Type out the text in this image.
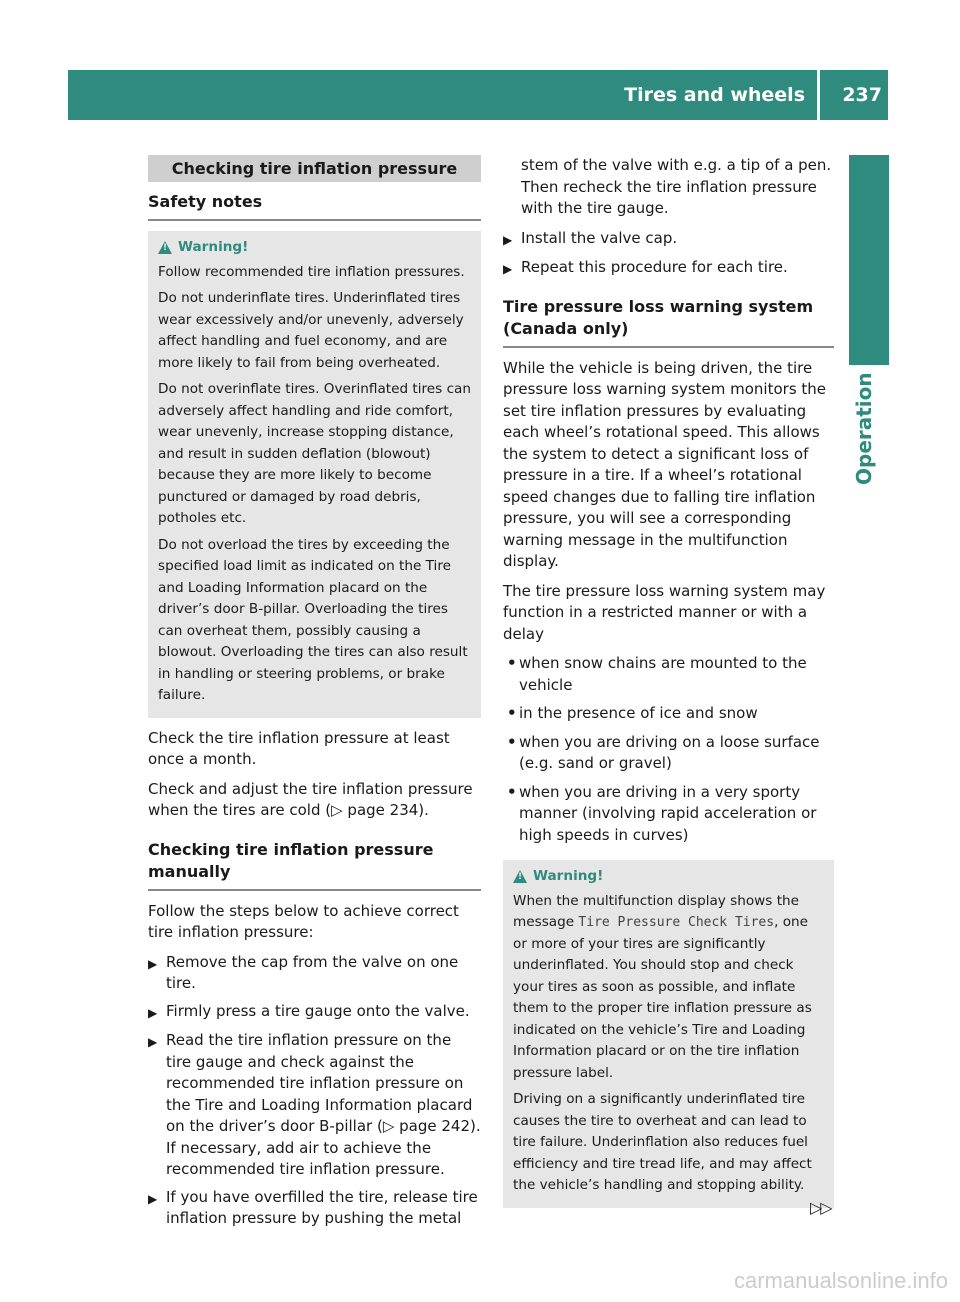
Tires and wheels	237
Operation
Checking tire inflation pressure
Safety notes
!
Warning!

Follow recommended tire inflation pressures.

Do not underinflate tires. Underinflated tires wear excessively and/or unevenly, adversely affect handling and fuel economy, and are more likely to fail from being overheated.

Do not overinflate tires. Overinflated tires can adversely affect handling and ride comfort, wear unevenly, increase stopping distance, and result in sudden deflation (blowout) because they are more likely to become punctured or damaged by road debris, potholes etc.

Do not overload the tires by exceeding the specified load limit as indicated on the Tire and Loading Information placard on the driver’s door B-pillar. Overloading the tires can overheat them, possibly causing a blowout. Overloading the tires can also result in handling or steering problems, or brake failure.

Check the tire inflation pressure at least once a month.

Check and adjust the tire inflation pressure when the tires are cold (▷ page 234).

Checking tire inflation pressure manually

Follow the steps below to achieve correct tire inflation pressure:

▶ Remove the cap from the valve on one tire.
▶ Firmly press a tire gauge onto the valve.
▶ Read the tire inflation pressure on the tire gauge and check against the recommended tire inflation pressure on the Tire and Loading Information placard on the driver’s door B-pillar (▷ page 242). If necessary, add air to achieve the recommended tire inflation pressure.
▶ If you have overfilled the tire, release tire inflation pressure by pushing the metal

stem of the valve with e.g. a tip of a pen. Then recheck the tire inflation pressure with the tire gauge.

▶ Install the valve cap.
▶ Repeat this procedure for each tire.
Tire pressure loss warning system (Canada only)

While the vehicle is being driven, the tire pressure loss warning system monitors the set tire inflation pressures by evaluating each wheel’s rotational speed. This allows the system to detect a significant loss of pressure in a tire. If a wheel’s rotational speed changes due to falling tire inflation pressure, you will see a corresponding warning message in the multifunction display.

The tire pressure loss warning system may function in a restricted manner or with a delay

• when snow chains are mounted to the vehicle
• in the presence of ice and snow
• when you are driving on a loose surface (e.g. sand or gravel)
• when you are driving in a very sporty manner (involving rapid acceleration or high speeds in curves)
!
Warning!

When the multifunction display shows the message Tire Pressure Check Tires, one or more of your tires are significantly underinflated. You should stop and check your tires as soon as possible, and inflate them to the proper tire inflation pressure as indicated on the vehicle’s Tire and Loading Information placard or on the tire inflation pressure label.

Driving on a significantly underinflated tire causes the tire to overheat and can lead to tire failure. Underinflation also reduces fuel efficiency and tire tread life, and may affect the vehicle’s handling and stopping ability.

▷▷
carmanualsonline.info
